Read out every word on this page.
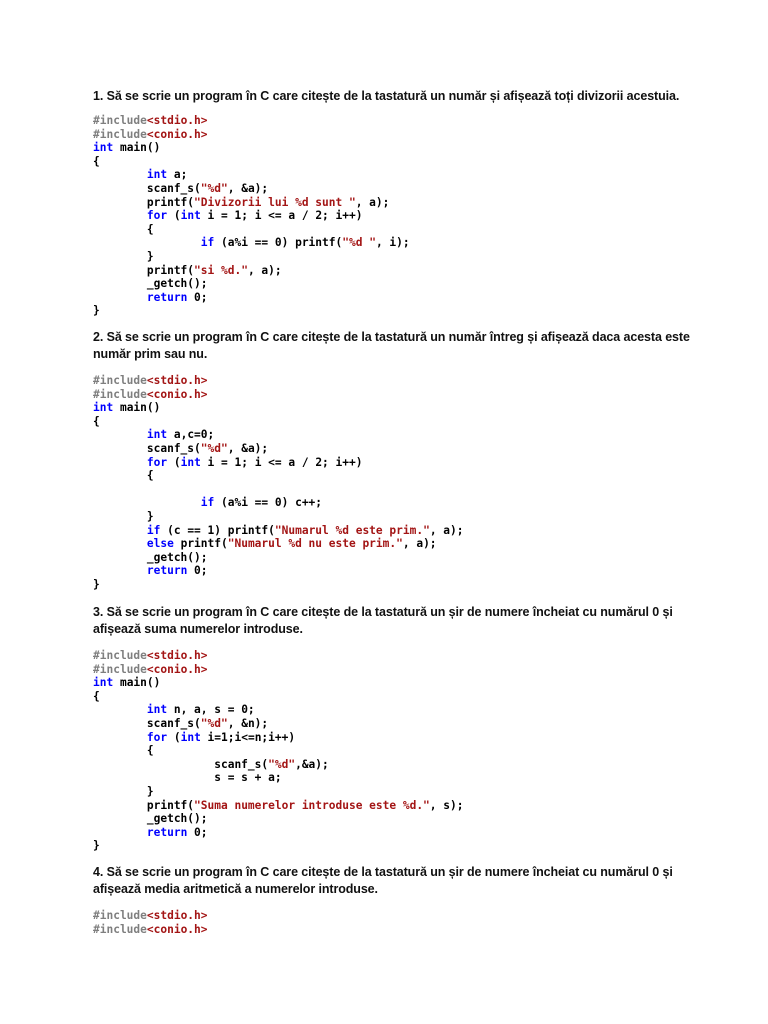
1. Să se scrie un program în C care citește de la tastatură un număr și afișează toți divizorii acestuia.
#include<stdio.h>
#include<conio.h>
int main()
{
int a;
scanf_s("%d", &a);
printf("Divizorii lui %d sunt ", a);
for (int i = 1; i <= a / 2; i++)
{
if (a%i == 0) printf("%d ", i);
}
printf("si %d.", a);
_getch();
return 0;
}
2. Să se scrie un program în C care citește de la tastatură un număr întreg și afișează daca acesta este număr prim sau nu.
#include<stdio.h>
#include<conio.h>
int main()
{
int a,c=0;
scanf_s("%d", &a);
for (int i = 1; i <= a / 2; i++)
{
if (a%i == 0) c++;
}
if (c == 1) printf("Numarul %d este prim.", a);
else printf("Numarul %d nu este prim.", a);
_getch();
return 0;
}
3. Să se scrie un program în C care citește de la tastatură un șir de numere încheiat cu numărul 0 și afișează suma numerelor introduse.
#include<stdio.h>
#include<conio.h>
int main()
{
int n, a, s = 0;
scanf_s("%d", &n);
for (int i=1;i<=n;i++)
{
scanf_s("%d",&a);
s = s + a;
}
printf("Suma numerelor introduse este %d.", s);
_getch();
return 0;
}
4. Să se scrie un program în C care citește de la tastatură un șir de numere încheiat cu numărul 0 și afișează media aritmetică a numerelor introduse.
#include<stdio.h>
#include<conio.h>
